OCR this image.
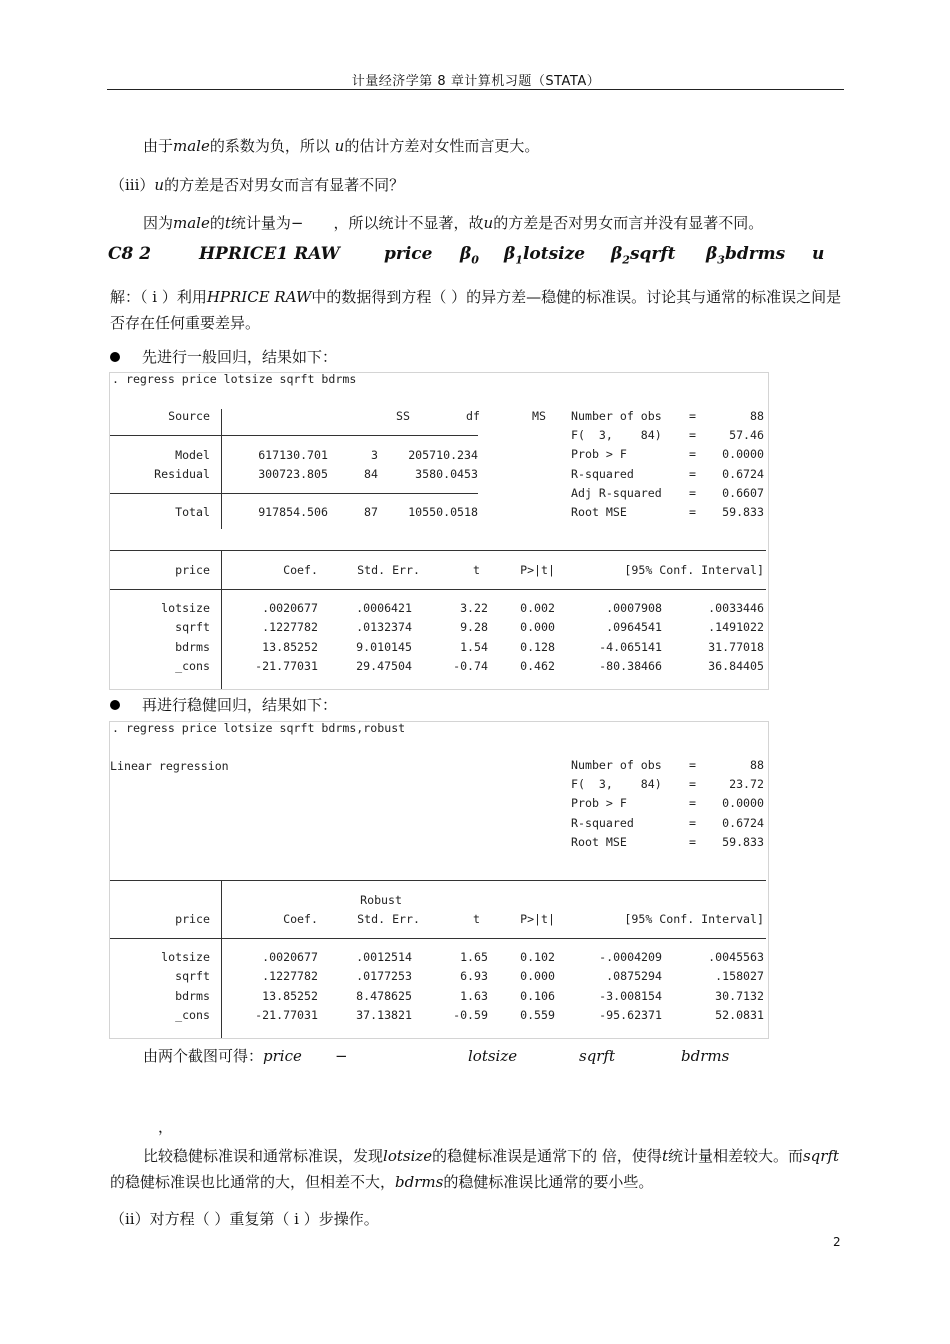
计量经济学第 8 章计算机习题（STATA）
由于male的系数为负，所以 u的估计方差对女性而言更大。
（iii）u的方差是否对男女而言有显著不同？
因为male的t统计量为− ，所以统计不显著，故u的方差是否对男女而言并没有显著不同。
C8 2	HPRICE1 RAW	price $\beta_0$ $\beta_1lotsize$ $\beta_2sqrft$ $\beta_3bdrms$ u
解：（ i ）利用HPRICE RAW中的数据得到方程（ ）的异方差—稳健的标准误。讨论其与通常的标准误之间是否存在任何重要差异。
先进行一般回归，结果如下：
. regress price lotsize sqrft bdrms
Source	SS	df	MS
Model	617130.701	3	205710.234
Residual	300723.805	84	3580.0453
Total	917854.506	87	10550.0518
Number of obs	=	88
F(  3,    84)	=	57.46
Prob > F	=	0.0000
R-squared	=	0.6724
Adj R-squared	=	0.6607
Root MSE	=	59.833
price	Coef.	Std. Err.	t	P>|t|	[95% Conf. Interval]
lotsize	.0020677	.0006421	3.22	0.002	.0007908	.0033446
sqrft	.1227782	.0132374	9.28	0.000	.0964541	.1491022
bdrms	13.85252	9.010145	1.54	0.128	-4.065141	31.77018
_cons	-21.77031	29.47504	-0.74	0.462	-80.38466	36.84405
再进行稳健回归，结果如下：
. regress price lotsize sqrft bdrms,robust
Linear regression	Number of obs	=	88
F(  3,    84)	=	23.72
Prob > F	=	0.0000
R-squared	=	0.6724
Root MSE	=	59.833
Robust
price	Coef.	Std. Err.	t	P>|t|	[95% Conf. Interval]
lotsize	.0020677	.0012514	1.65	0.102	-.0004209	.0045563
sqrft	.1227782	.0177253	6.93	0.000	.0875294	.158027
bdrms	13.85252	8.478625	1.63	0.106	-3.008154	30.7132
_cons	-21.77031	37.13821	-0.59	0.559	-95.62371	52.0831
由两个截图可得：price −	lotsize	sqrft	bdrms
，
比较稳健标准误和通常标准误，发现lotsize的稳健标准误是通常下的 倍，使得t统计量相差较大。而sqrft的稳健标准误也比通常的大，但相差不大，bdrms的稳健标准误比通常的要小些。
（ii）对方程（ ）重复第（ i ）步操作。
2
